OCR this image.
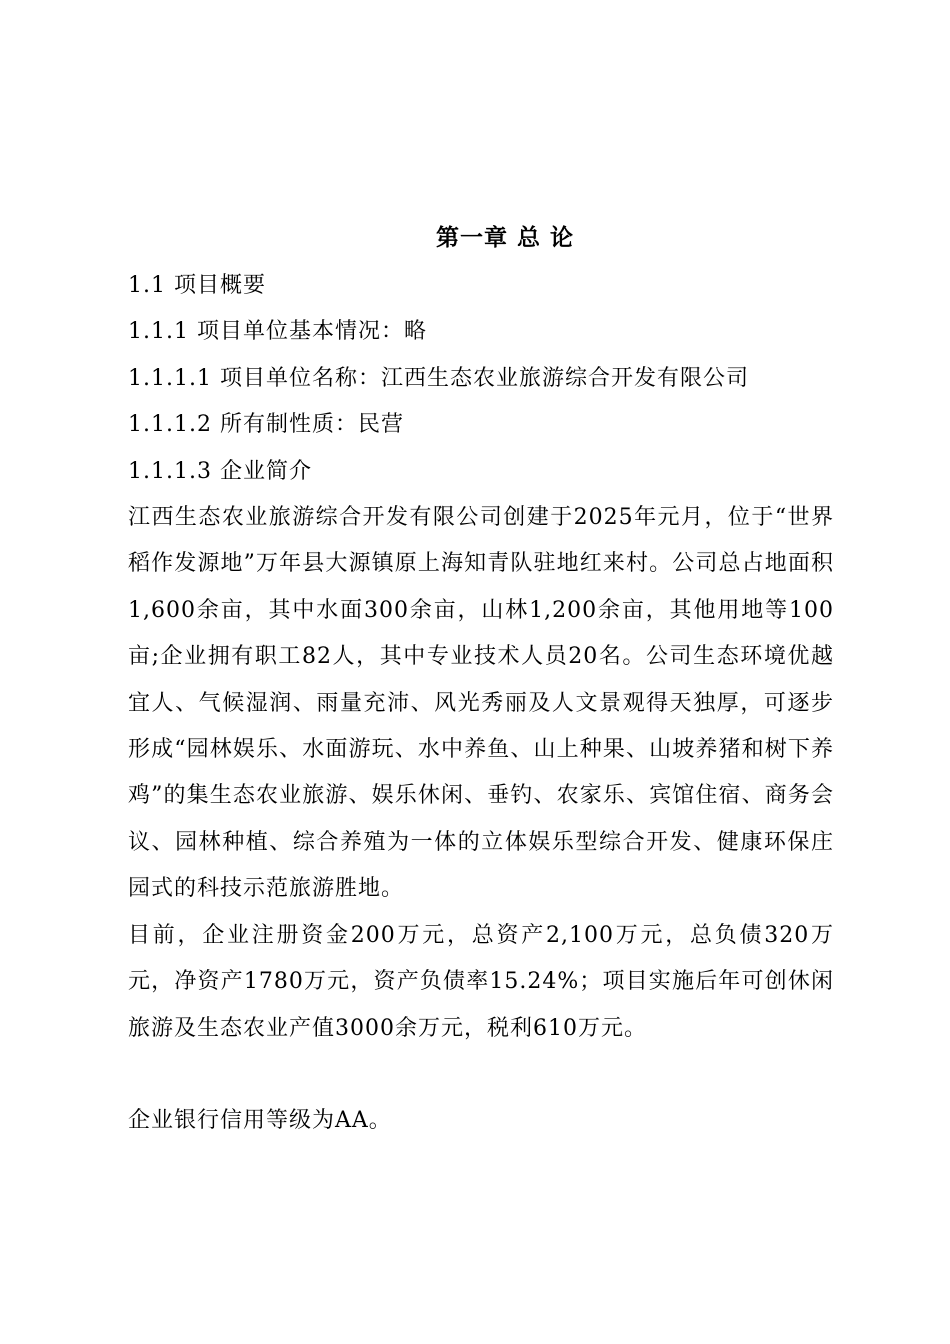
第一章 总 论

1.1 项目概要

1.1.1 项目单位基本情况：略

1.1.1.1 项目单位名称：江西生态农业旅游综合开发有限公司

1.1.1.2 所有制性质：民营

1.1.1.3 企业简介

江西生态农业旅游综合开发有限公司创建于2025年元月，位于“世界稻作发源地”万年县大源镇原上海知青队驻地红来村。公司总占地面积1,600余亩，其中水面300余亩，山林1,200余亩，其他用地等100亩;企业拥有职工82人，其中专业技术人员20名。公司生态环境优越宜人、气候湿润、雨量充沛、风光秀丽及人文景观得天独厚，可逐步形成“园林娱乐、水面游玩、水中养鱼、山上种果、山坡养猪和树下养鸡”的集生态农业旅游、娱乐休闲、垂钓、农家乐、宾馆住宿、商务会议、园林种植、综合养殖为一体的立体娱乐型综合开发、健康环保庄园式的科技示范旅游胜地。

目前，企业注册资金200万元，总资产2,100万元，总负债320万元，净资产1780万元，资产负债率15.24%；项目实施后年可创休闲旅游及生态农业产值3000余万元，税利610万元。

企业银行信用等级为AA。
